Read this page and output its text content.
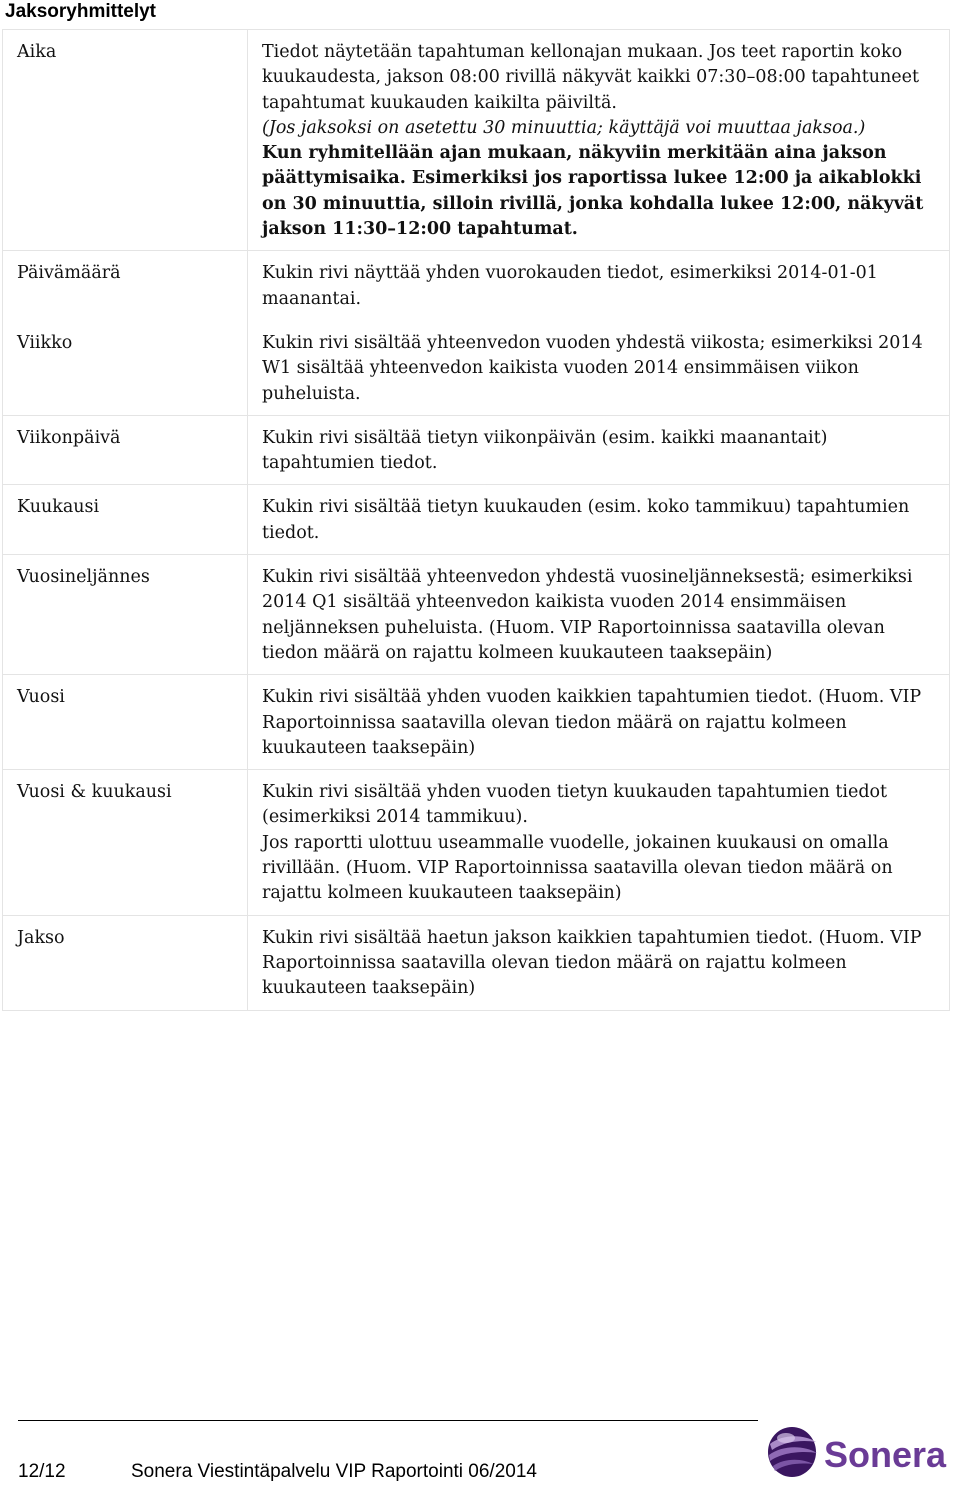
Jaksoryhmittelyt
Aika	Tiedot näytetään tapahtuman kellonajan mukaan. Jos teet raportin koko kuukaudesta, jakson 08:00 rivillä näkyvät kaikki 07:30–08:00 tapahtuneet tapahtumat kuukauden kaikilta päiviltä.
(Jos jaksoksi on asetettu 30 minuuttia; käyttäjä voi muuttaa jaksoa.)
Kun ryhmitellään ajan mukaan, näkyviin merkitään aina jakson päättymisaika. Esimerkiksi jos raportissa lukee 12:00 ja aikablokki on 30 minuuttia, silloin rivillä, jonka kohdalla lukee 12:00, näkyvät jakson 11:30–12:00 tapahtumat.
Päivämäärä	Kukin rivi näyttää yhden vuorokauden tiedot, esimerkiksi 2014-01-01 maanantai.
Viikko	Kukin rivi sisältää yhteenvedon vuoden yhdestä viikosta; esimerkiksi 2014 W1 sisältää yhteenvedon kaikista vuoden 2014 ensimmäisen viikon puheluista.
Viikonpäivä	Kukin rivi sisältää tietyn viikonpäivän (esim. kaikki maanantait) tapahtumien tiedot.
Kuukausi	Kukin rivi sisältää tietyn kuukauden (esim. koko tammikuu) tapahtumien tiedot.
Vuosineljännes	Kukin rivi sisältää yhteenvedon yhdestä vuosineljänneksestä; esimerkiksi 2014 Q1 sisältää yhteenvedon kaikista vuoden 2014 ensimmäisen neljänneksen puheluista. (Huom. VIP Raportoinnissa saatavilla olevan tiedon määrä on rajattu kolmeen kuukauteen taaksepäin)
Vuosi	Kukin rivi sisältää yhden vuoden kaikkien tapahtumien tiedot. (Huom. VIP Raportoinnissa saatavilla olevan tiedon määrä on rajattu kolmeen kuukauteen taaksepäin)
Vuosi & kuukausi	Kukin rivi sisältää yhden vuoden tietyn kuukauden tapahtumien tiedot (esimerkiksi 2014 tammikuu).
Jos raportti ulottuu useammalle vuodelle, jokainen kuukausi on omalla rivillään. (Huom. VIP Raportoinnissa saatavilla olevan tiedon määrä on rajattu kolmeen kuukauteen taaksepäin)
Jakso	Kukin rivi sisältää haetun jakson kaikkien tapahtumien tiedot. (Huom. VIP Raportoinnissa saatavilla olevan tiedon määrä on rajattu kolmeen kuukauteen taaksepäin)
12/12	Sonera Viestintäpalvelu VIP Raportointi 06/2014	Sonera
